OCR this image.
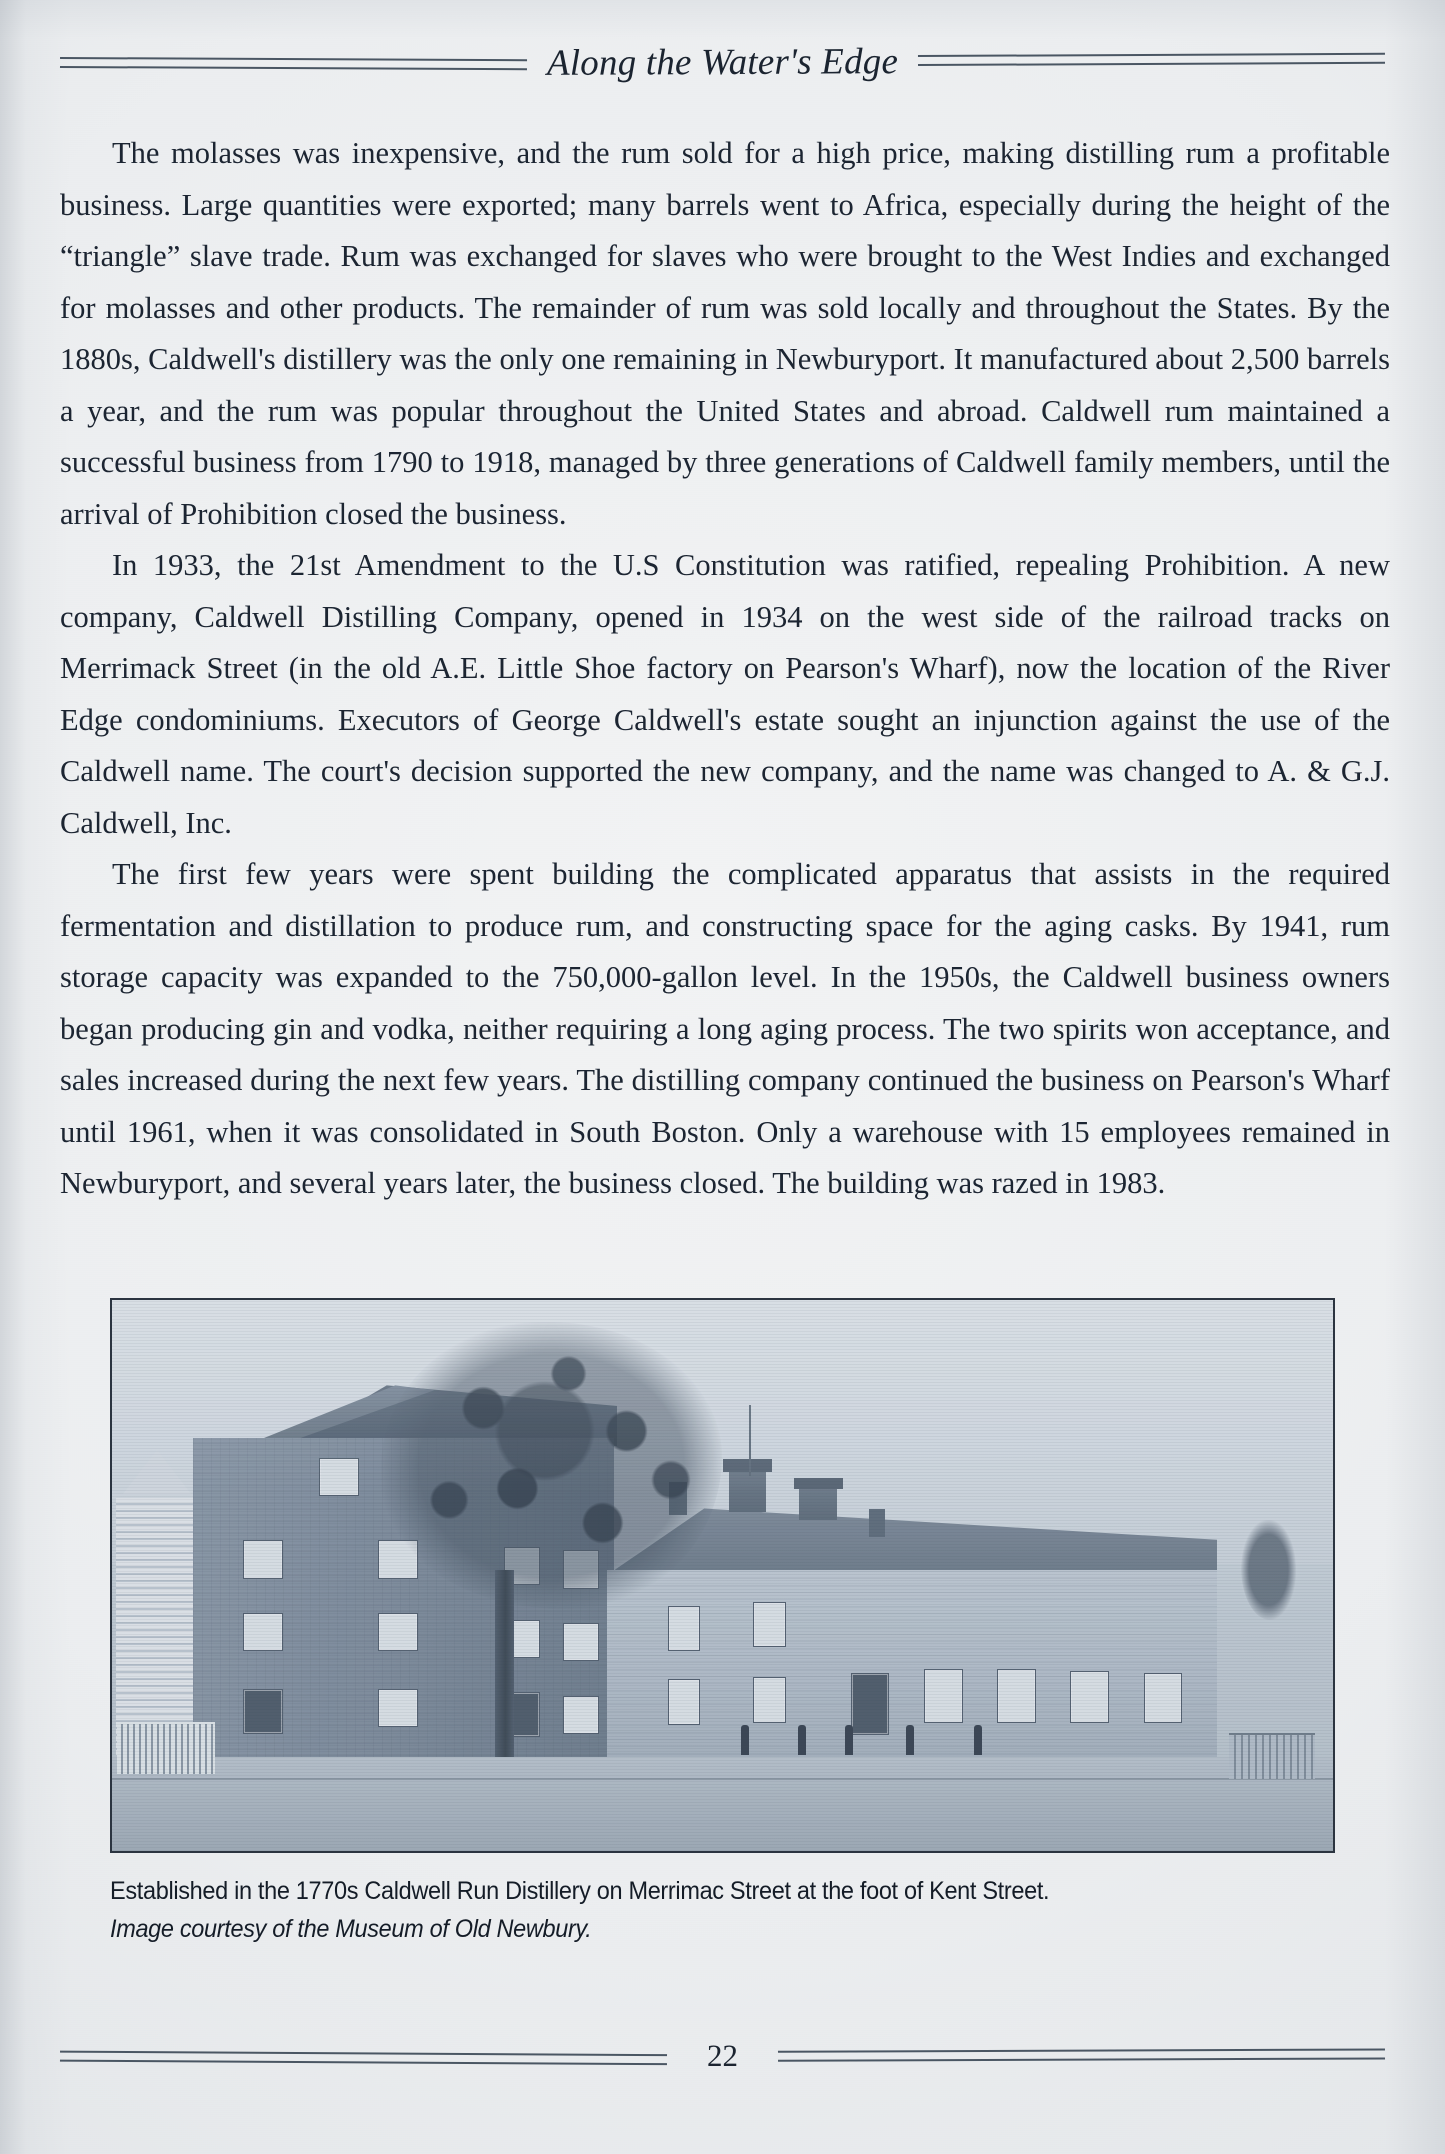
Along the Water's Edge

The molasses was inexpensive, and the rum sold for a high price, making distilling rum a profitable business. Large quantities were exported; many barrels went to Africa, especially during the height of the “triangle” slave trade. Rum was exchanged for slaves who were brought to the West Indies and exchanged for molasses and other products. The remainder of rum was sold locally and throughout the States. By the 1880s, Caldwell's distillery was the only one remaining in Newburyport. It manufactured about 2,500 barrels a year, and the rum was popular throughout the United States and abroad. Caldwell rum maintained a successful business from 1790 to 1918, managed by three generations of Caldwell family members, until the arrival of Prohibition closed the business.

In 1933, the 21st Amendment to the U.S Constitution was ratified, repealing Prohibition. A new company, Caldwell Distilling Company, opened in 1934 on the west side of the railroad tracks on Merrimack Street (in the old A.E. Little Shoe factory on Pearson's Wharf), now the location of the River Edge condominiums. Executors of George Caldwell's estate sought an injunction against the use of the Caldwell name. The court's decision supported the new company, and the name was changed to A. & G.J. Caldwell, Inc.

The first few years were spent building the complicated apparatus that assists in the required fermentation and distillation to produce rum, and constructing space for the aging casks. By 1941, rum storage capacity was expanded to the 750,000-gallon level. In the 1950s, the Caldwell business owners began producing gin and vodka, neither requiring a long aging process. The two spirits won acceptance, and sales increased during the next few years. The distilling company continued the business on Pearson's Wharf until 1961, when it was consolidated in South Boston. Only a warehouse with 15 employees remained in Newburyport, and several years later, the business closed. The building was razed in 1983.

Established in the 1770s Caldwell Run Distillery on Merrimac Street at the foot of Kent Street.
Image courtesy of the Museum of Old Newbury.
22
